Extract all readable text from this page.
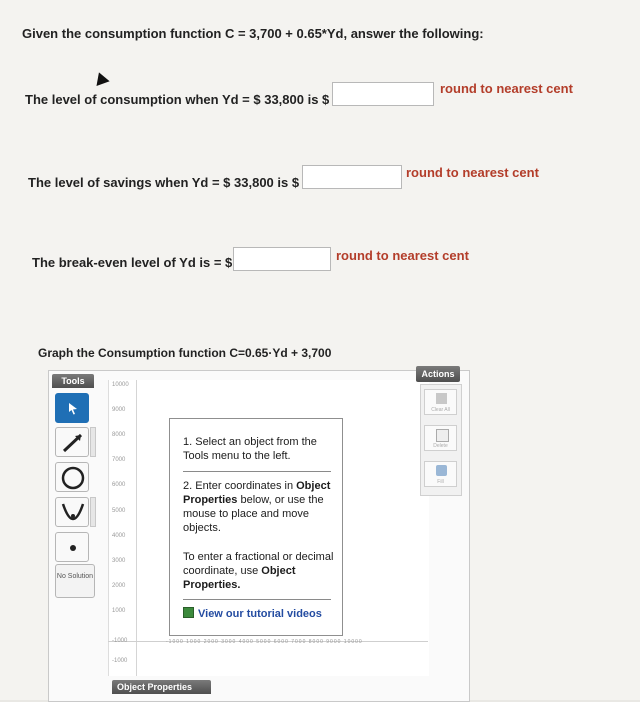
Given the consumption function C = 3,700 + 0.65*Yd, answer the following:
The level of consumption when Yd = $ 33,800 is $
round to nearest cent
The level of savings when Yd = $ 33,800 is $
round to nearest cent
The break-even level of Yd is = $	round to nearest cent
Graph the Consumption function C=0.65·Yd + 3,700
Tools
No Solution
10000
9000
8000
7000
6000
5000
4000
3000
2000
1000
-1000
-1000
-1000 1000 2000 3000 4000 5000 6000 7000 8000 9000 10000
1. Select an object from the Tools menu to the left.
2. Enter coordinates in Object Properties below, or use the mouse to place and move objects.
To enter a fractional or decimal coordinate, use Object Properties.
View our tutorial videos
Actions
Clear All
Delete
Fill
Object Properties
